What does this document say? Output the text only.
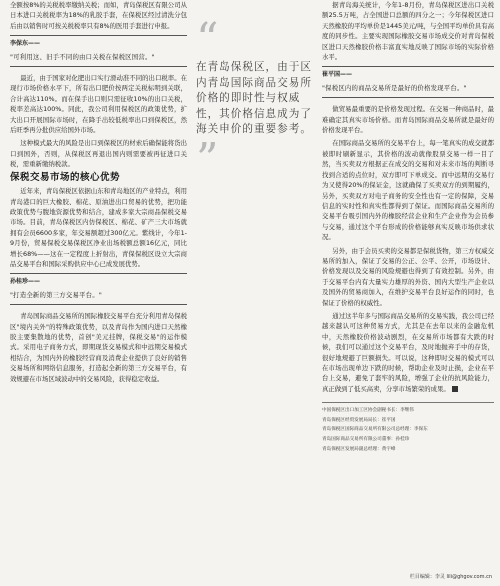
全额按8%的关税税率缴纳关税；而如，青岛保税区有限公司从日本进口关税税率为18%的乳胶手套，在保税区经过清洗分包后由以销售时可按关税税率只有8%的医用手套进行申报。

李保东——
"可利用这、旧手不同的由口关税在保税区国营。"

最近，由于国家对化肥出口实行滑动准不同的出口税率。在现行市场价格水平下，所有出口肥价按两定关税标明到关联，合计高达110%。而在保手出口则只需征收10%的出口关税，税率差高达100%。同此，我公司利用保税区的政策优势，扩大出口开展国际市场时，在降手出较低税率出口到保税区，然后旺季再分批供应给国外市场。

这种模式最大的风险是出口到保税区的材索后确保能将货出口到国外，否则，从保税区再退出国内则需要被再征进口关税，需重新缴纳税款。

保税交易市场的核心优势

近年来，青岛保税区依据山东和青岛地区的产业特点，利用青岛港口的巨大橡胶、棉花、原油进出口贸易的优势，把功能政策优势与腹地资源优势和结合，建成多家大宗商品保税交易市场。目前，青岛保税区内仿保税区、棉花、矿产三大市场就拥有会员6600多家，年交易额超过300亿元。紫线计，今年1-9月份，贸易保税交易保税区净业出场税额总额16亿元，同比增长68%——这在一定程度上折射出，青保保税区设立大宗商品交易平台和国际采购供应中心已成发展优势。

孙桂珍——
"打造全新的第三方交易平台。"

青岛国际商品交易所的国际橡胶交易平台充分利用青岛保税区"境内关外"的特殊政策优势，以及青岛作为国内进口天然橡胶主要集散地的优势，首创"美元挂牌，保税交易"的运作模式。采用电子商务方式，即期现货交易模式和中远期交易模式相结合，为国内外的橡胶经营商及消费企业提供了良好的销售交易场所和网络信息服务，打造起全新的第三方交易平台，有效规避在市场区域波动中的交易风险，获得稳定收益。

“
在青岛保税区，由于区内青岛国际商品交易所价格的即时性与权威性，其价格信息成为了海关申价的重要参考。
”

据青岛海关统计，今年1-8月份，青岛保税区进出口关税额25.5万吨，占全国进口总额的四分之一；今年保税区进口天然橡胶的平均单价是1445美元/吨，与全国平均单价具有高度的同步性。主要实现国际橡胶交易市场成交价对青岛保税区进口天然橡胶价格丰富直实地反映了国际市场的实际价格水平。

崔平国——
"保税区内的商品交易所是最好的价格发现平台。"

做贸易最重要的是价格发现过程。在交易一种商品时，最难确定其真实市场价格。而青岛国际商品交易所就是最好的价格发现平台。

在国际商品交易所的交易平台上，每一笔真实的成交就都被即时刷新显示，其价格的波动就像股票交易一样一目了然，当买卖双方根据正在成交的交易和对未来市场的判断寻找到合适的点位时，双方即可下单成交。而中远期的交易行为又使得20%的保证金，这就确保了买卖双方的到期履约，另外，买卖双方对电子商务的安全性也有一定的保障，交易信息的实时性和真实性都得到了保证。而国际商品交易所的交易平台吸引国内外的橡胶经营企业和生产企业作为会员参与交易，通过这个平台形成的价格能够真实反映市场供求状况。

另外，由于会员买卖的交易都是保税货物，第三方权威交易所的加入，保证了交易的公正、公平、公开，市场设计、价格发现以及交易的风险规避也得到了有效控制。另外，由于交易平台内有大量实力雄厚的外资、国内大型生产企业以及国外的贸易商加入，在维护交易平台良好运作的同时，也保证了价格的权威性。

通过这半年多与国际商品交易所的交易实践，我公司已经越来越认可这种贸易方式，尤其是在去年以来的金融危机中，天然橡胶价格波动剧烈，在交易所市场都有大跌的时候，我们可以通过这个交易平台，及时地抛弃手中的存货，很好地规避了巨额损失。可以说，这种即时交易的模式可以在市场出现单边下跌的时候，帮助企业及时止损，企业在平台上交易，避免了套牢的风险，增强了企业的抗风险能力，真正做到了低买高卖，分享市场繁荣的成果。

中国保税区出口加工区协会副秘书长：李继伟

青岛保税区经贸发展局局长：崔平国

青岛保税区国际商品交易所有限公司总经理：李保东

青岛国际商品交易所有限公司董事：孙桂珍

青岛保税区发展局副总经理：黄宇峰

栏目编辑：李灵 lili@ghgov.com.cn
